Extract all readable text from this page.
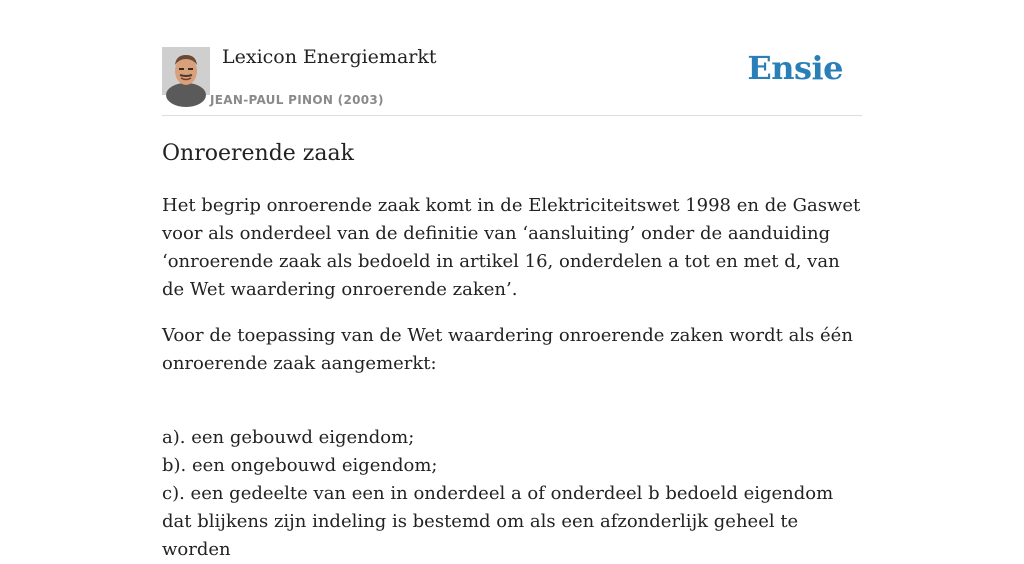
Lexicon Energiemarkt
JEAN-PAUL PINON (2003)
Ensie
Onroerende zaak

Het begrip onroerende zaak komt in de Elektriciteitswet 1998 en de Gaswet voor als onderdeel van de definitie van ‘aansluiting’ onder de aanduiding ‘onroerende zaak als bedoeld in artikel 16, onderdelen a tot en met d, van de Wet waardering onroerende zaken’.

Voor de toepassing van de Wet waardering onroerende zaken wordt als één onroerende zaak aangemerkt:

a). een gebouwd eigendom;
b). een ongebouwd eigendom;
c). een gedeelte van een in onderdeel a of onderdeel b bedoeld eigendom dat blijkens zijn indeling is bestemd om als een afzonderlijk geheel te worden
